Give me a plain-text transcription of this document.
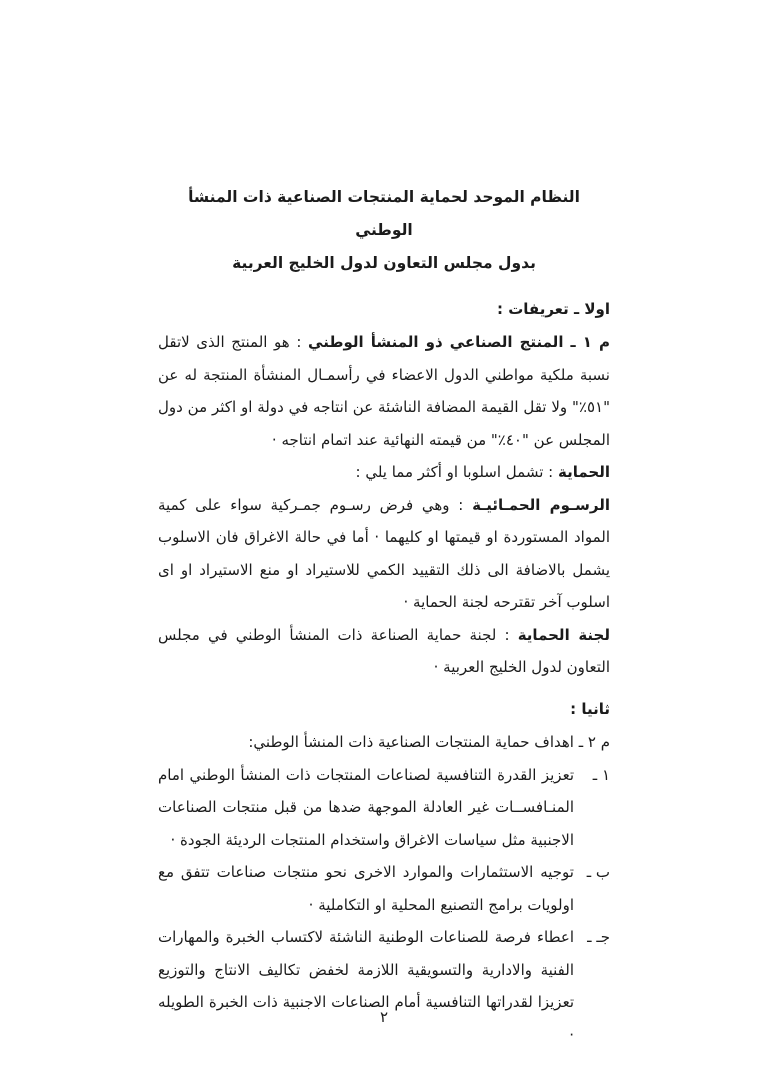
النظام الموحد لحماية المنتجات الصناعية ذات المنشأ الوطني
بدول مجلس التعاون لدول الخليج العربية

اولا ـ تعريفات :

م ١ ـ المنتج الصناعي ذو المنشأ الوطني : هو المنتج الذى لاتقل نسبة ملكية مواطني الدول الاعضاء في رأسمـال المنشأة المنتجة له عن "٥١٪" ولا تقل القيمة المضافة الناشئة عن انتاجه في دولة او اكثر من دول المجلس عن "٤٠٪" من قيمته النهائية عند اتمام انتاجه ·

الحماية : تشمل اسلوبا او أكثر مما يلي :

الرسـوم الحمـائيـة : وهي فرض رسـوم جمـركية سواء على كمية المواد المستوردة او قيمتها او كليهما · أما في حالة الاغراق فان الاسلوب يشمل بالاضافة الى ذلك التقييد الكمي للاستيراد او منع الاستيراد او اى اسلوب آخر تقترحه لجنة الحماية ·

لجنة الحماية : لجنة حماية الصناعة ذات المنشأ الوطني في مجلس التعاون لدول الخليج العربية ·

ثانيا :

م ٢ ـ اهداف حماية المنتجات الصناعية ذات المنشأ الوطني:

١ ـ

تعزيز القدرة التنافسية لصناعات المنتجات ذات المنشأ الوطني امام المنـافســات غير العادلة الموجهة ضدها من قبل منتجات الصناعات الاجنبية مثل سياسات الاغراق واستخدام المنتجات الرديئة الجودة ·

ب ـ

توجيه الاستثمارات والموارد الاخرى نحو منتجات صناعات تتفق مع اولويات برامج التصنيع المحلية او التكاملية ·

جـ ـ

اعطاء فرصة للصناعات الوطنية الناشئة لاكتساب الخبرة والمهارات الفنية والادارية والتسويقية اللازمة لخفض تكاليف الانتاج والتوزيع تعزيزا لقدراتها التنافسية أمام الصناعات الاجنبية ذات الخبرة الطويله ·

٢
